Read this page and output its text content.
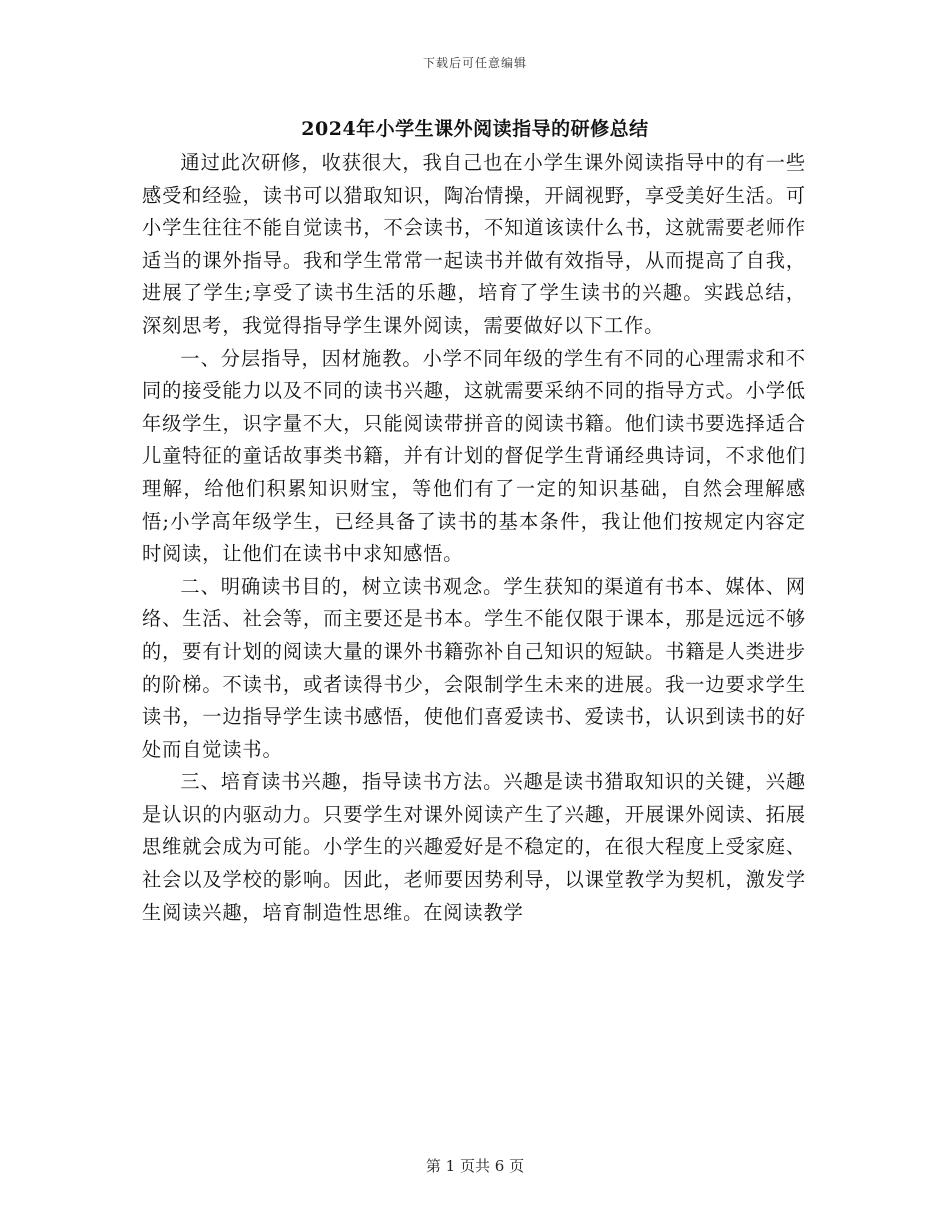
下载后可任意编辑
2024年小学生课外阅读指导的研修总结

通过此次研修，收获很大，我自己也在小学生课外阅读指导中的有一些感受和经验，读书可以猎取知识，陶冶情操，开阔视野，享受美好生活。可小学生往往不能自觉读书，不会读书，不知道该读什么书，这就需要老师作适当的课外指导。我和学生常常一起读书并做有效指导，从而提高了自我，进展了学生;享受了读书生活的乐趣，培育了学生读书的兴趣。实践总结，深刻思考，我觉得指导学生课外阅读，需要做好以下工作。

一、分层指导，因材施教。小学不同年级的学生有不同的心理需求和不同的接受能力以及不同的读书兴趣，这就需要采纳不同的指导方式。小学低年级学生，识字量不大，只能阅读带拼音的阅读书籍。他们读书要选择适合儿童特征的童话故事类书籍，并有计划的督促学生背诵经典诗词，不求他们理解，给他们积累知识财宝，等他们有了一定的知识基础，自然会理解感悟;小学高年级学生，已经具备了读书的基本条件，我让他们按规定内容定时阅读，让他们在读书中求知感悟。

二、明确读书目的，树立读书观念。学生获知的渠道有书本、媒体、网络、生活、社会等，而主要还是书本。学生不能仅限于课本，那是远远不够的，要有计划的阅读大量的课外书籍弥补自己知识的短缺。书籍是人类进步的阶梯。不读书，或者读得书少，会限制学生未来的进展。我一边要求学生读书，一边指导学生读书感悟，使他们喜爱读书、爱读书，认识到读书的好处而自觉读书。

三、培育读书兴趣，指导读书方法。兴趣是读书猎取知识的关键，兴趣是认识的内驱动力。只要学生对课外阅读产生了兴趣，开展课外阅读、拓展思维就会成为可能。小学生的兴趣爱好是不稳定的，在很大程度上受家庭、社会以及学校的影响。因此，老师要因势利导，以课堂教学为契机，激发学生阅读兴趣，培育制造性思维。在阅读教学

第 1 页共 6 页
